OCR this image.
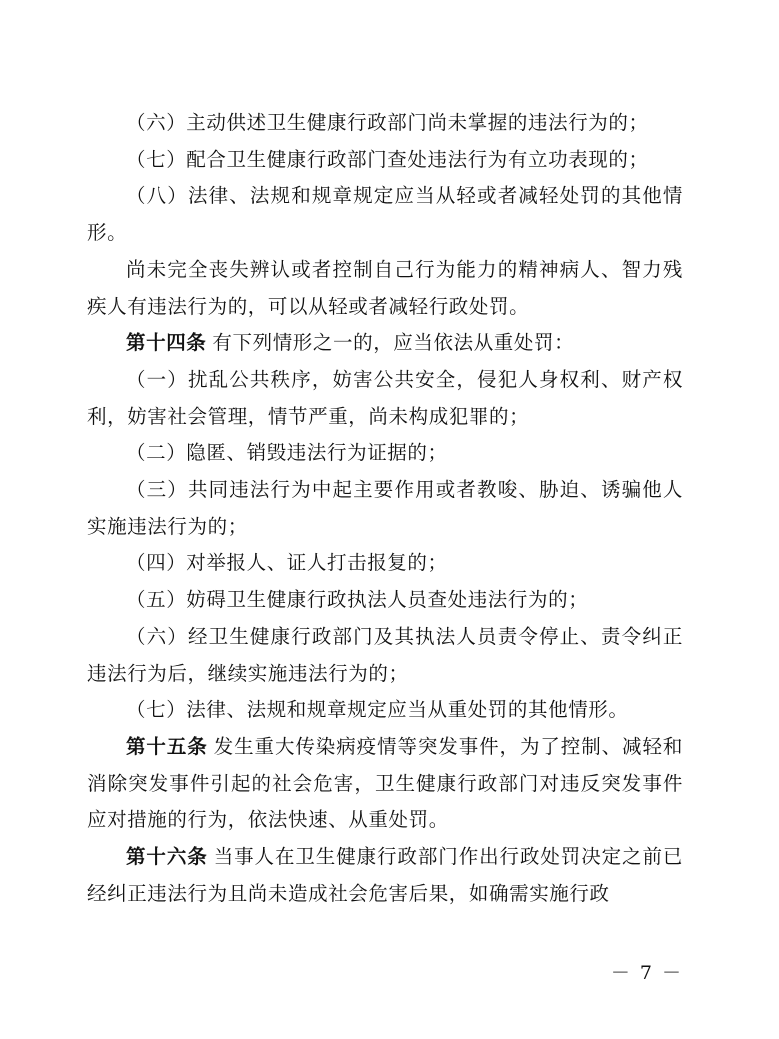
（六）主动供述卫生健康行政部门尚未掌握的违法行为的；

（七）配合卫生健康行政部门查处违法行为有立功表现的；

（八）法律、法规和规章规定应当从轻或者减轻处罚的其他情形。

尚未完全丧失辨认或者控制自己行为能力的精神病人、智力残疾人有违法行为的，可以从轻或者减轻行政处罚。

第十四条 有下列情形之一的，应当依法从重处罚：

（一）扰乱公共秩序，妨害公共安全，侵犯人身权利、财产权利，妨害社会管理，情节严重，尚未构成犯罪的；

（二）隐匿、销毁违法行为证据的；

（三）共同违法行为中起主要作用或者教唆、胁迫、诱骗他人实施违法行为的；

（四）对举报人、证人打击报复的；

（五）妨碍卫生健康行政执法人员查处违法行为的；

（六）经卫生健康行政部门及其执法人员责令停止、责令纠正违法行为后，继续实施违法行为的；

（七）法律、法规和规章规定应当从重处罚的其他情形。

第十五条 发生重大传染病疫情等突发事件，为了控制、减轻和消除突发事件引起的社会危害，卫生健康行政部门对违反突发事件应对措施的行为，依法快速、从重处罚。

第十六条 当事人在卫生健康行政部门作出行政处罚决定之前已经纠正违法行为且尚未造成社会危害后果，如确需实施行政

－ 7 －
